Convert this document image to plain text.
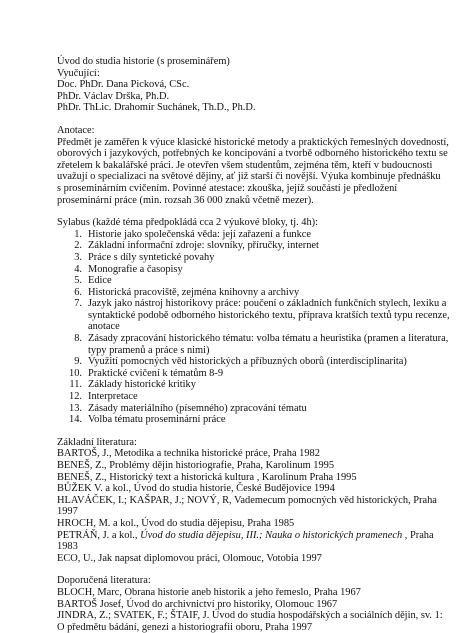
Úvod do studia historie (s proseminářem)
Vyučující:
Doc. PhDr. Dana Picková, CSc.
PhDr. Václav Drška, Ph.D.
PhDr. ThLic. Drahomír Suchánek, Th.D., Ph.D.
Anotace:
Předmět je zaměřen k výuce klasické historické metody a praktických řemeslných dovedností,
oborových i jazykových, potřebných ke koncipování a tvorbě odborného historického textu se
zřetelem k bakalářské práci. Je otevřen všem studentům, zejména těm, kteří v budoucnosti
uvažují o specializaci na světové dějiny, ať již starší či novější. Výuka kombinuje přednášku
s proseminárním cvičením. Povinné atestace: zkouška, jejíž součástí je předložení
proseminární práce (min. rozsah 36 000 znaků včetně mezer).
Sylabus (každé téma předpokládá cca 2 výukové bloky, tj. 4h):
1. Historie jako společenská věda: její zařazení a funkce
2. Základní informační zdroje: slovníky, příručky, internet
3. Práce s díly syntetické povahy
4. Monografie a časopisy
5. Edice
6. Historická pracoviště, zejména knihovny a archivy
7. Jazyk jako nástroj historikovy práce: poučení o základních funkčních stylech, lexiku a
syntaktické podobě odborného historického textu, příprava kratších textů typu recenze,
anotace
8. Zásady zpracování historického tématu: volba tématu a heuristika (pramen a literatura,
typy pramenů a práce s nimi)
9. Využití pomocných věd historických a příbuzných oborů (interdisciplinarita)
10. Praktické cvičení k tématům 8-9
11. Základy historické kritiky
12. Interpretace
13. Zásady materiálního (písemného) zpracování tématu
14. Volba tématu proseminární práce
Základní literatura:
BARTOŠ, J., Metodika a technika historické práce, Praha 1982
BENEŠ, Z., Problémy dějin historiografie, Praha, Karolinum 1995
BENEŠ, Z., Historický text a historická kultura , Karolinum Praha 1995
BŮŽEK V. a kol., Úvod do studia historie, České Budějovice 1994
HLAVÁČEK, I.; KAŠPAR, J.; NOVÝ, R, Vademecum pomocných věd historických, Praha
1997
HROCH, M. a kol., Úvod do studia dějepisu, Praha 1985
PETRÁŇ, J. a kol., Úvod do studia dějepisu, III.; Nauka o historických pramenech , Praha
1983
ECO, U., Jak napsat diplomovou práci, Olomouc, Votobia 1997
Doporučená literatura:
BLOCH, Marc, Obrana historie aneb historik a jeho řemeslo, Praha 1967
BARTOŠ Josef, Úvod do archivnictví pro historiky, Olomouc 1967
JINDRA, Z.; SVATEK, F.; ŠTAIF, J. Úvod do studia hospodářských a sociálních dějin, sv. 1:
O předmětu bádání, genezi a historiografii oboru, Praha 1997
